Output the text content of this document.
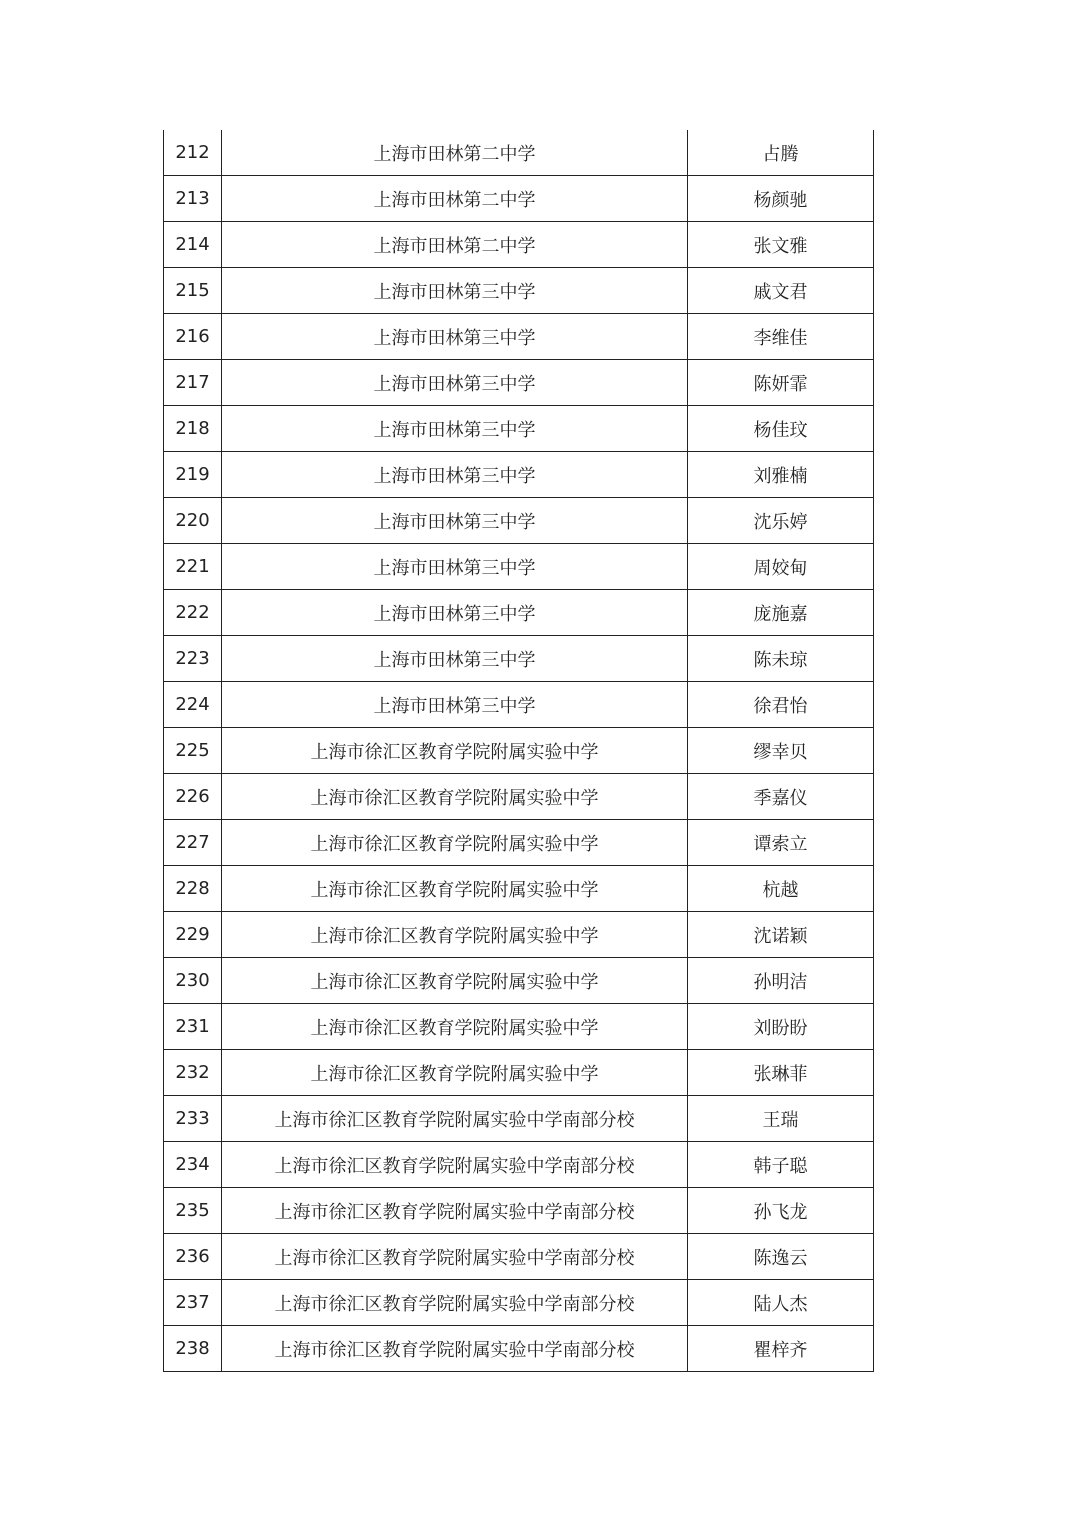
212	上海市田林第二中学	占腾
213	上海市田林第二中学	杨颜驰
214	上海市田林第二中学	张文雅
215	上海市田林第三中学	戚文君
216	上海市田林第三中学	李维佳
217	上海市田林第三中学	陈妍霏
218	上海市田林第三中学	杨佳玟
219	上海市田林第三中学	刘雅楠
220	上海市田林第三中学	沈乐婷
221	上海市田林第三中学	周姣甸
222	上海市田林第三中学	庞施嘉
223	上海市田林第三中学	陈未琼
224	上海市田林第三中学	徐君怡
225	上海市徐汇区教育学院附属实验中学	缪幸贝
226	上海市徐汇区教育学院附属实验中学	季嘉仪
227	上海市徐汇区教育学院附属实验中学	谭索立
228	上海市徐汇区教育学院附属实验中学	杭越
229	上海市徐汇区教育学院附属实验中学	沈诺颖
230	上海市徐汇区教育学院附属实验中学	孙明洁
231	上海市徐汇区教育学院附属实验中学	刘盼盼
232	上海市徐汇区教育学院附属实验中学	张琳菲
233	上海市徐汇区教育学院附属实验中学南部分校	王瑞
234	上海市徐汇区教育学院附属实验中学南部分校	韩子聪
235	上海市徐汇区教育学院附属实验中学南部分校	孙飞龙
236	上海市徐汇区教育学院附属实验中学南部分校	陈逸云
237	上海市徐汇区教育学院附属实验中学南部分校	陆人杰
238	上海市徐汇区教育学院附属实验中学南部分校	瞿梓齐
